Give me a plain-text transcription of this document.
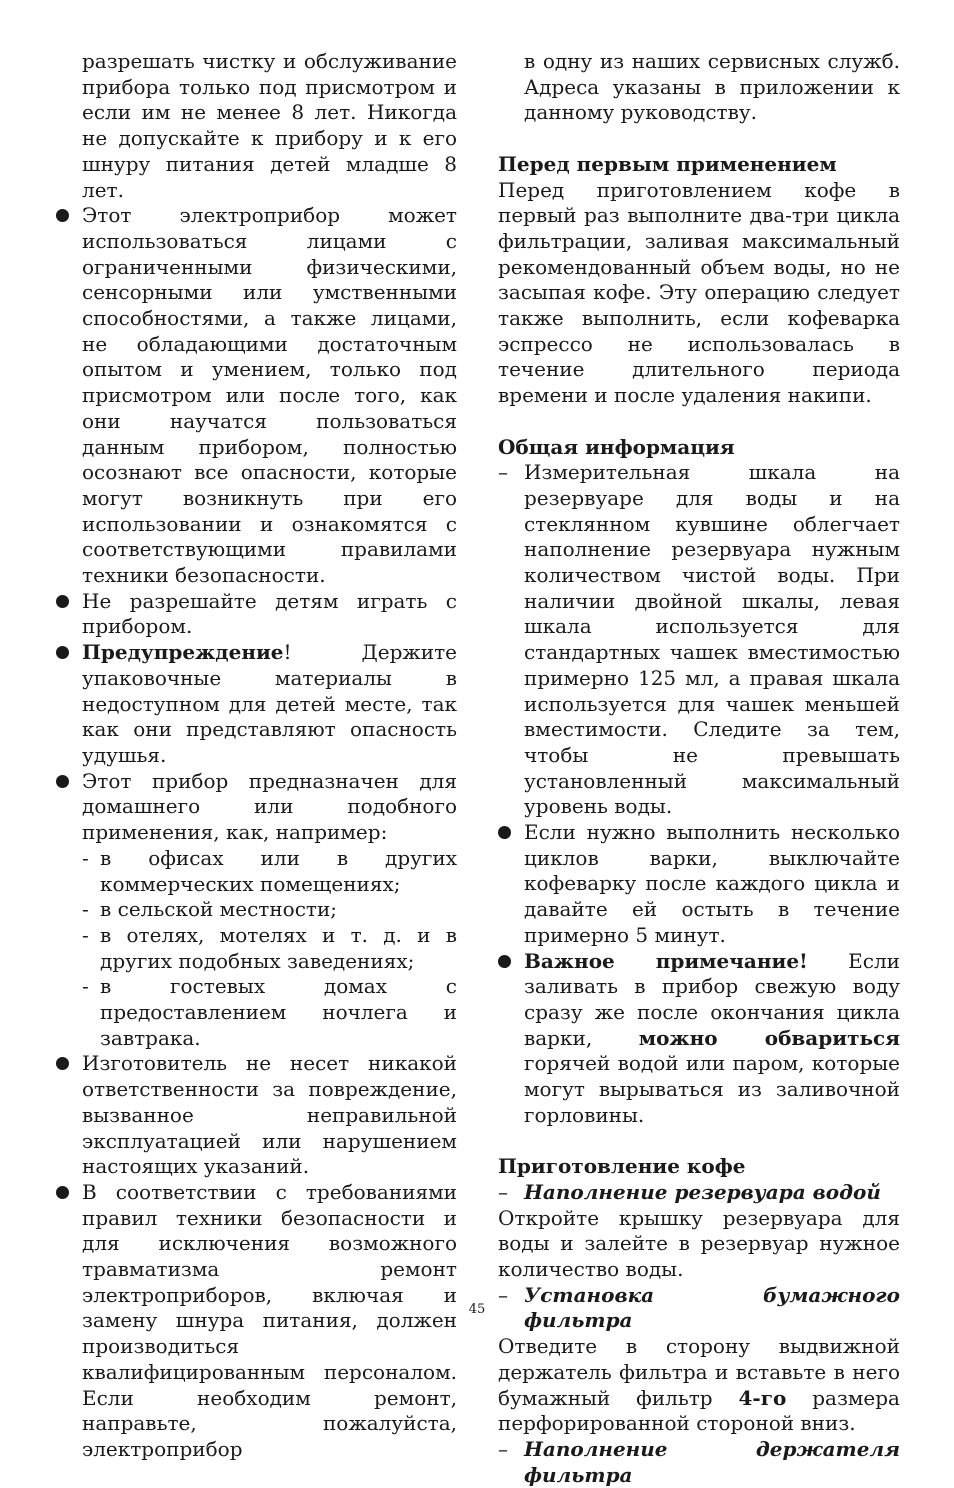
разрешать чистку и обслуживание прибора только под присмотром и если им не менее 8 лет. Никогда не допускайте к прибору и к его шнуру питания детей младше 8 лет.

Этот электроприбор может использоваться лицами с ограниченными физическими, сенсорными или умственными способностями, а также лицами, не обладающими достаточным опытом и умением, только под присмотром или после того, как они научатся пользоваться данным прибором, полностью осознают все опасности, которые могут возникнуть при его использовании и ознакомятся с соответствующими правилами техники безопасности.
Не разрешайте детям играть с прибором.
Предупреждение! Держите упаковочные материалы в недоступном для детей месте, так как они представляют опасность удушья.
Этот прибор предназначен для домашнего или подобного применения, как, например:
- в офисах или в других коммерческих помещениях;
- в сельской местности;
- в отелях, мотелях и т. д. и в других подобных заведениях;
- в гостевых домах с предоставлением ночлега и завтрака.
Изготовитель не несет никакой ответственности за повреждение, вызванное неправильной эксплуатацией или нарушением настоящих указаний.
В соответствии с требованиями правил техники безопасности и для исключения возможного травматизма ремонт электроприборов, включая и замену шнура питания, должен производиться квалифицированным персоналом. Если необходим ремонт, направьте, пожалуйста, электроприбор

в одну из наших сервисных служб. Адреса указаны в приложении к данному руководству.

Перед первым применением

Перед приготовлением кофе в первый раз выполните два-три цикла фильтрации, заливая максимальный рекомендованный объем воды, но не засыпая кофе. Эту операцию следует также выполнить, если кофеварка эспрессо не использовалась в течение длительного периода времени и после удаления накипи.

Общая информация

– Измерительная шкала на резервуаре для воды и на стеклянном кувшине облегчает наполнение резервуара нужным количеством чистой воды. При наличии двойной шкалы, левая шкала используется для стандартных чашек вместимостью примерно 125 мл, а правая шкала используется для чашек меньшей вместимости. Следите за тем, чтобы не превышать установленный максимальный уровень воды.
Если нужно выполнить несколько циклов варки, выключайте кофеварку после каждого цикла и давайте ей остыть в течение примерно 5 минут.
Важное примечание! Если заливать в прибор свежую воду сразу же после окончания цикла варки, можно обвариться горячей водой или паром, которые могут вырываться из заливочной горловины.

Приготовление кофе

– Наполнение резервуара водой

Откройте крышку резервуара для воды и залейте в резервуар нужное количество воды.

– Установка бумажного фильтра

Отведите в сторону выдвижной держатель фильтра и вставьте в него бумажный фильтр 4-го размера перфорированной стороной вниз.

– Наполнение держателя фильтра
45
